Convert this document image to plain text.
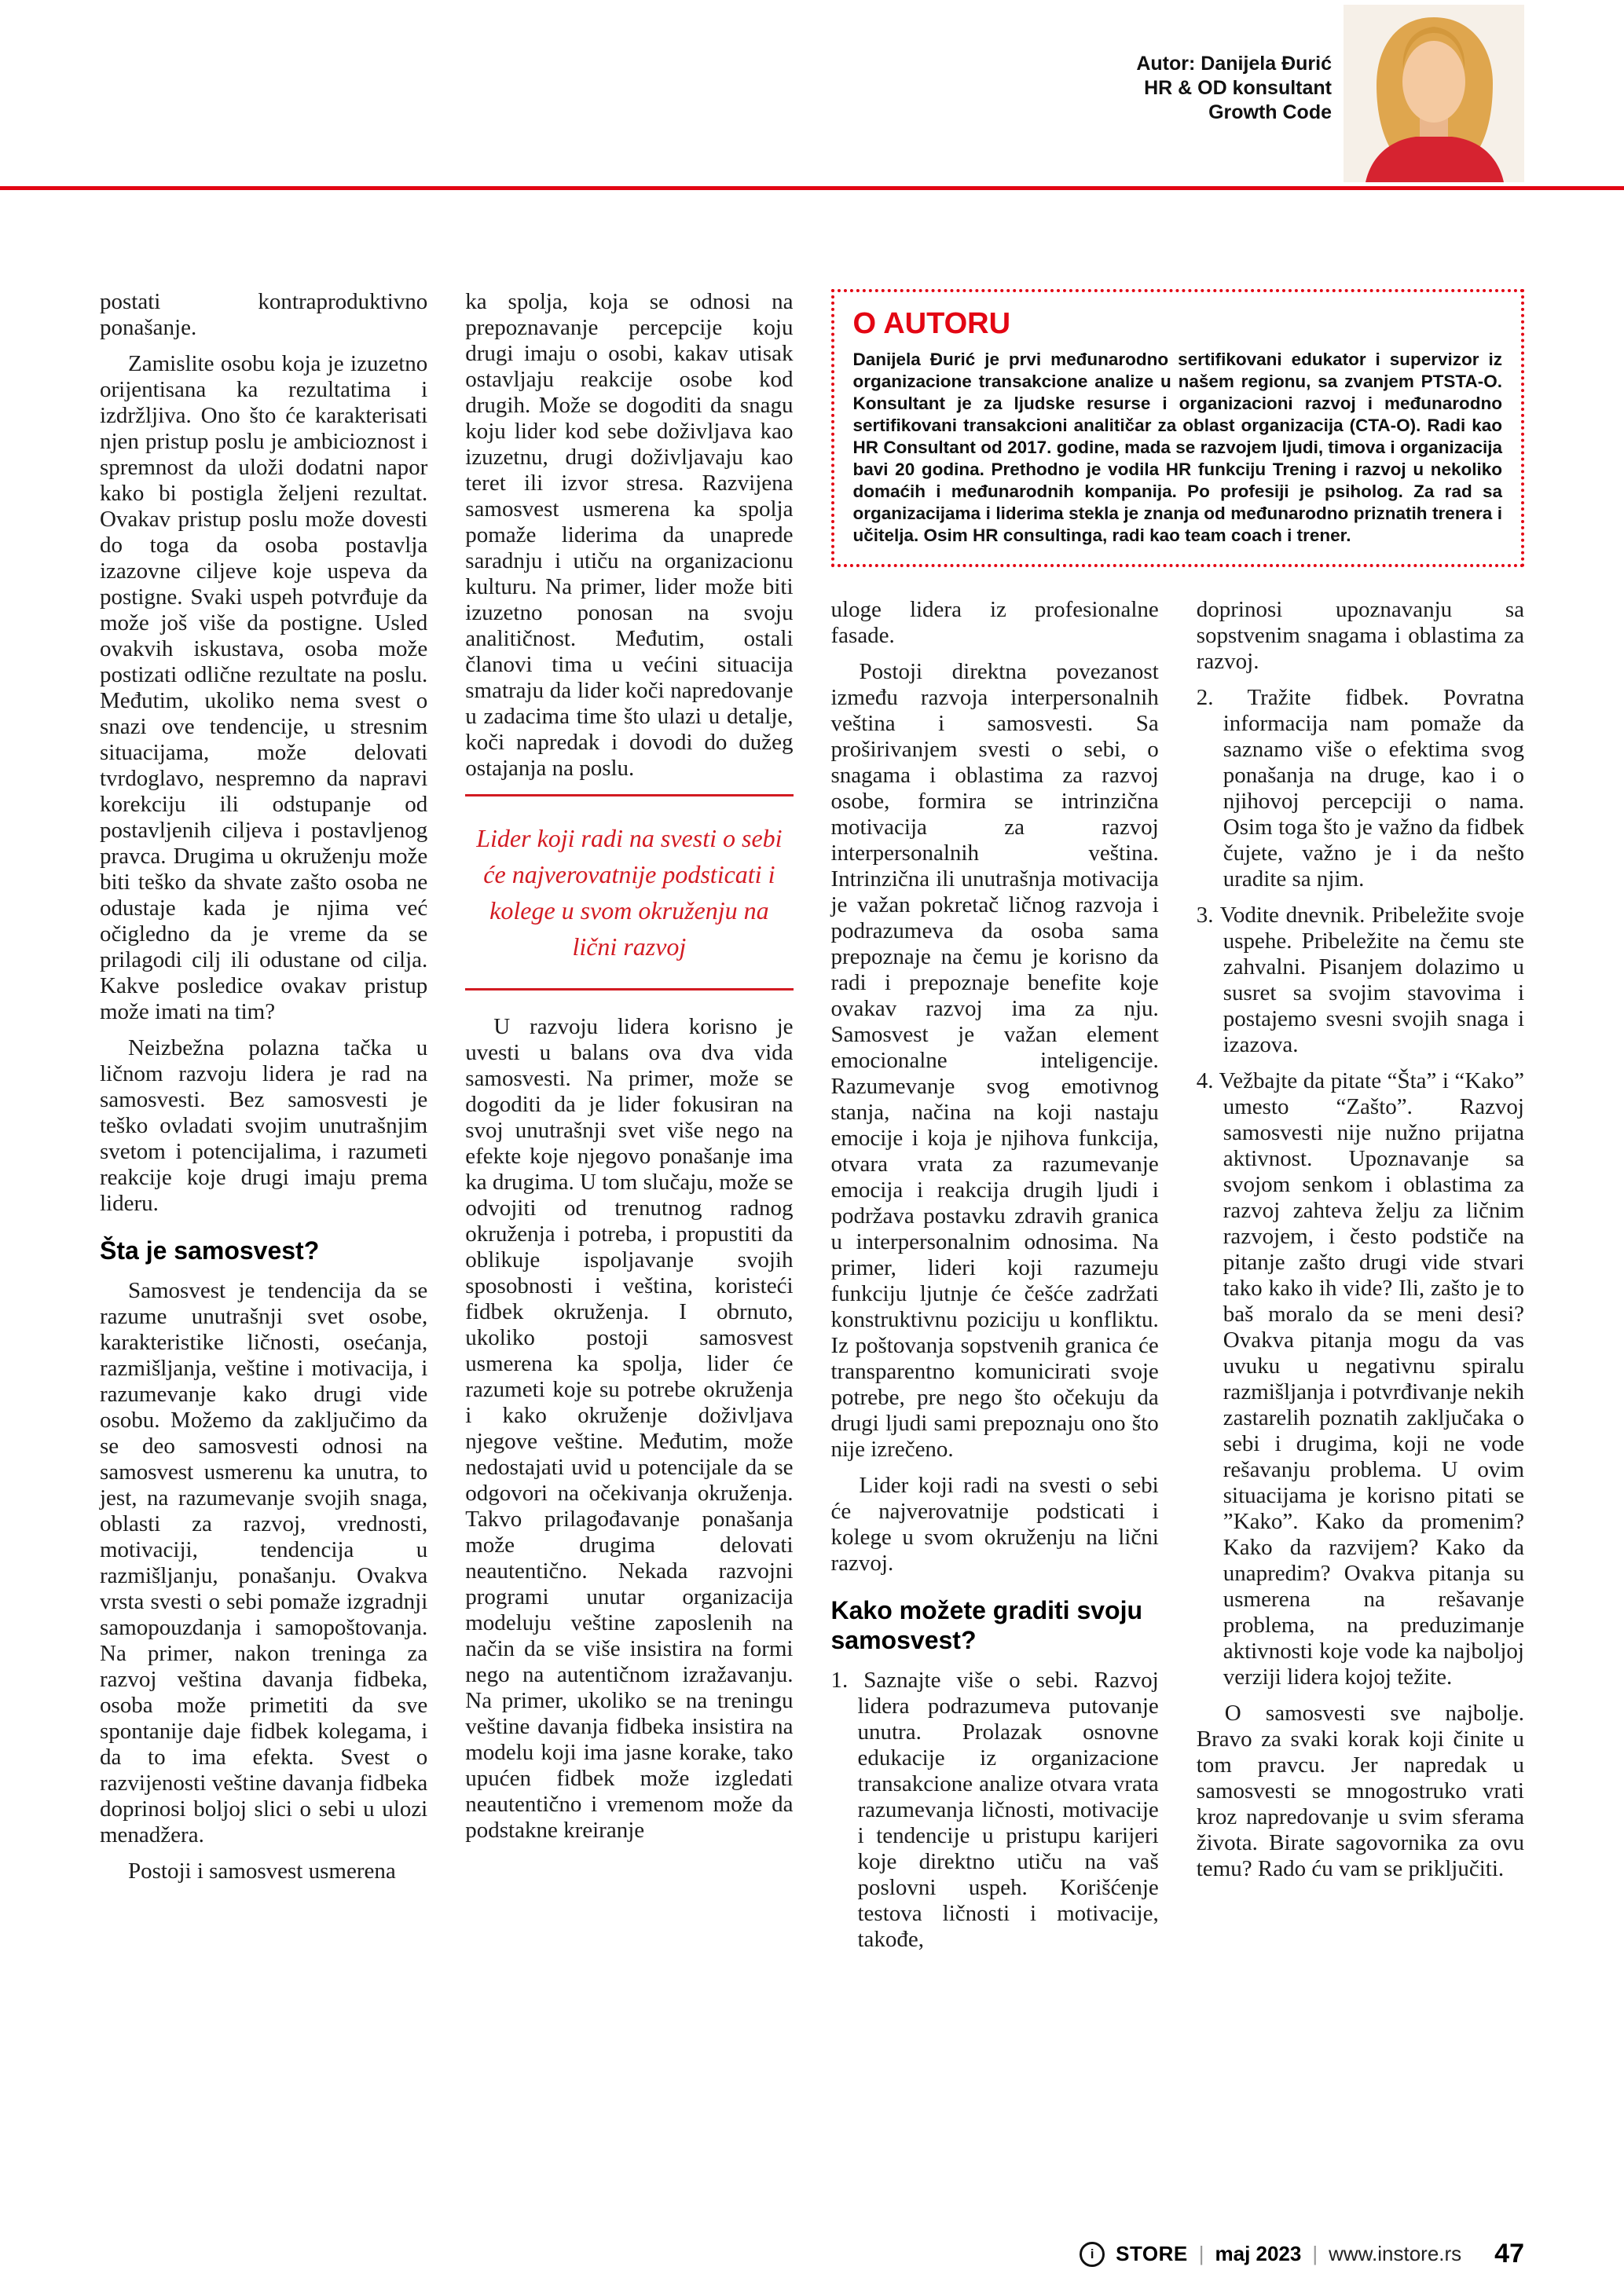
Autor: Danijela Đurić
HR & OD konsultant
Growth Code

postati kontraproduktivno ponašanje.

Zamislite osobu koja je izuzetno orijentisana ka rezultatima i izdržljiva. Ono što će karakterisati njen pristup poslu je ambicioznost i spremnost da uloži dodatni napor kako bi postigla željeni rezultat. Ovakav pristup poslu može dovesti do toga da osoba postavlja izazovne ciljeve koje uspeva da postigne. Svaki uspeh potvrđuje da može još više da postigne. Usled ovakvih iskustava, osoba može postizati odlične rezultate na poslu. Međutim, ukoliko nema svest o snazi ove tendencije, u stresnim situacijama, može delovati tvrdoglavo, nespremno da napravi korekciju ili odstupanje od postavljenih ciljeva i postavljenog pravca. Drugima u okruženju može biti teško da shvate zašto osoba ne odustaje kada je njima već očigledno da je vreme da se prilagodi cilj ili odustane od cilja. Kakve posledice ovakav pristup može imati na tim?

Neizbežna polazna tačka u ličnom razvoju lidera je rad na samosvesti. Bez samosvesti je teško ovladati svojim unutrašnjim svetom i potencijalima, i razumeti reakcije koje drugi imaju prema lideru.

Šta je samosvest?

Samosvest je tendencija da se razume unutrašnji svet osobe, karakteristike ličnosti, osećanja, razmišljanja, veštine i motivacija, i razumevanje kako drugi vide osobu. Možemo da zaključimo da se deo samosvesti odnosi na samosvest usmerenu ka unutra, to jest, na razumevanje svojih snaga, oblasti za razvoj, vrednosti, motivaciji, tendencija u razmišljanju, ponašanju. Ovakva vrsta svesti o sebi pomaže izgradnji samopouzdanja i samopoštovanja. Na primer, nakon treninga za razvoj veština davanja fidbeka, osoba može primetiti da sve spontanije daje fidbek kolegama, i da to ima efekta. Svest o razvijenosti veštine davanja fidbeka doprinosi boljoj slici o sebi u ulozi menadžera.

Postoji i samosvest usmerena

ka spolja, koja se odnosi na prepoznavanje percepcije koju drugi imaju o osobi, kakav utisak ostavljaju reakcije osobe kod drugih. Može se dogoditi da snagu koju lider kod sebe doživljava kao izuzetnu, drugi doživljavaju kao teret ili izvor stresa. Razvijena samosvest usmerena ka spolja pomaže liderima da unaprede saradnju i utiču na organizacionu kulturu. Na primer, lider može biti izuzetno ponosan na svoju analitičnost. Međutim, ostali članovi tima u većini situacija smatraju da lider koči napredovanje u zadacima time što ulazi u detalje, koči napredak i dovodi do dužeg ostajanja na poslu.

Lider koji radi na svesti o sebi će najverovatnije podsticati i kolege u svom okruženju na lični razvoj

U razvoju lidera korisno je uvesti u balans ova dva vida samosvesti. Na primer, može se dogoditi da je lider fokusiran na svoj unutrašnji svet više nego na efekte koje njegovo ponašanje ima ka drugima. U tom slučaju, može se odvojiti od trenutnog radnog okruženja i potreba, i propustiti da oblikuje ispoljavanje svojih sposobnosti i veština, koristeći fidbek okruženja. I obrnuto, ukoliko postoji samosvest usmerena ka spolja, lider će razumeti koje su potrebe okruženja i kako okruženje doživljava njegove veštine. Međutim, može nedostajati uvid u potencijale da se odgovori na očekivanja okruženja. Takvo prilagođavanje ponašanja može drugima delovati neautentično. Nekada razvojni programi unutar organizacija modeluju veštine zaposlenih na način da se više insistira na formi nego na autentičnom izražavanju. Na primer, ukoliko se na treningu veštine davanja fidbeka insistira na modelu koji ima jasne korake, tako upućen fidbek može izgledati neautentično i vremenom može da podstakne kreiranje

O AUTORU

Danijela Đurić je prvi međunarodno sertifikovani edukator i supervizor iz organizacione transakcione analize u našem regionu, sa zvanjem PTSTA-O. Konsultant je za ljudske resurse i organizacioni razvoj i međunarodno sertifikovani transakcioni analitičar za oblast organizacija (CTA-O). Radi kao HR Consultant od 2017. godine, mada se razvojem ljudi, timova i organizacija bavi 20 godina. Prethodno je vodila HR funkciju Trening i razvoj u nekoliko domaćih i međunarodnih kompanija. Po profesiji je psiholog. Za rad sa organizacijama i liderima stekla je znanja od međunarodno priznatih trenera i učitelja. Osim HR consultinga, radi kao team coach i trener.

uloge lidera iz profesionalne fasade.

Postoji direktna povezanost između razvoja interpersonalnih veština i samosvesti. Sa proširivanjem svesti o sebi, o snagama i oblastima za razvoj osobe, formira se intrinzična motivacija za razvoj interpersonalnih veština. Intrinzična ili unutrašnja motivacija je važan pokretač ličnog razvoja i podrazumeva da osoba sama prepoznaje na čemu je korisno da radi i prepoznaje benefite koje ovakav razvoj ima za nju. Samosvest je važan element emocionalne inteligencije. Razumevanje svog emotivnog stanja, načina na koji nastaju emocije i koja je njihova funkcija, otvara vrata za razumevanje emocija i reakcija drugih ljudi i podržava postavku zdravih granica u interpersonalnim odnosima. Na primer, lideri koji razumeju funkciju ljutnje će češće zadržati konstruktivnu poziciju u konfliktu. Iz poštovanja sopstvenih granica će transparentno komunicirati svoje potrebe, pre nego što očekuju da drugi ljudi sami prepoznaju ono što nije izrečeno.

Lider koji radi na svesti o sebi će najverovatnije podsticati i kolege u svom okruženju na lični razvoj.

Kako možete graditi svoju samosvest?

1. Saznajte više o sebi. Razvoj lidera podrazumeva putovanje unutra. Prolazak osnovne edukacije iz organizacione transakcione analize otvara vrata razumevanja ličnosti, motivacije i tendencije u pristupu karijeri koje direktno utiču na vaš poslovni uspeh. Korišćenje testova ličnosti i motivacije, takođe,

doprinosi upoznavanju sa sopstvenim snagama i oblastima za razvoj.

2. Tražite fidbek. Povratna informacija nam pomaže da saznamo više o efektima svog ponašanja na druge, kao i o njihovoj percepciji o nama. Osim toga što je važno da fidbek čujete, važno je i da nešto uradite sa njim.

3. Vodite dnevnik. Pribeležite svoje uspehe. Pribeležite na čemu ste zahvalni. Pisanjem dolazimo u susret sa svojim stavovima i postajemo svesni svojih snaga i izazova.

4. Vežbajte da pitate “Šta” i “Kako” umesto “Zašto”. Razvoj samosvesti nije nužno prijatna aktivnost. Upoznavanje sa svojom senkom i oblastima za razvoj zahteva želju za ličnim razvojem, i često podstiče na pitanje zašto drugi vide stvari tako kako ih vide? Ili, zašto je to baš moralo da se meni desi? Ovakva pitanja mogu da vas uvuku u negativnu spiralu razmišljanja i potvrđivanje nekih zastarelih poznatih zaključaka o sebi i drugima, koji ne vode rešavanju problema. U ovim situacijama je korisno pitati se ”Kako”. Kako da promenim? Kako da razvijem? Kako da unapredim? Ovakva pitanja su usmerena na rešavanje problema, na preduzimanje aktivnosti koje vode ka najboljoj verziji lidera kojoj težite.

O samosvesti sve najbolje. Bravo za svaki korak koji činite u tom pravcu. Jer napredak u samosvesti se mnogostruko vrati kroz napredovanje u svim sferama života. Birate sagovornika za ovu temu? Rado ću vam se priključiti.

i	STORE | maj 2023 | www.instore.rs 47
